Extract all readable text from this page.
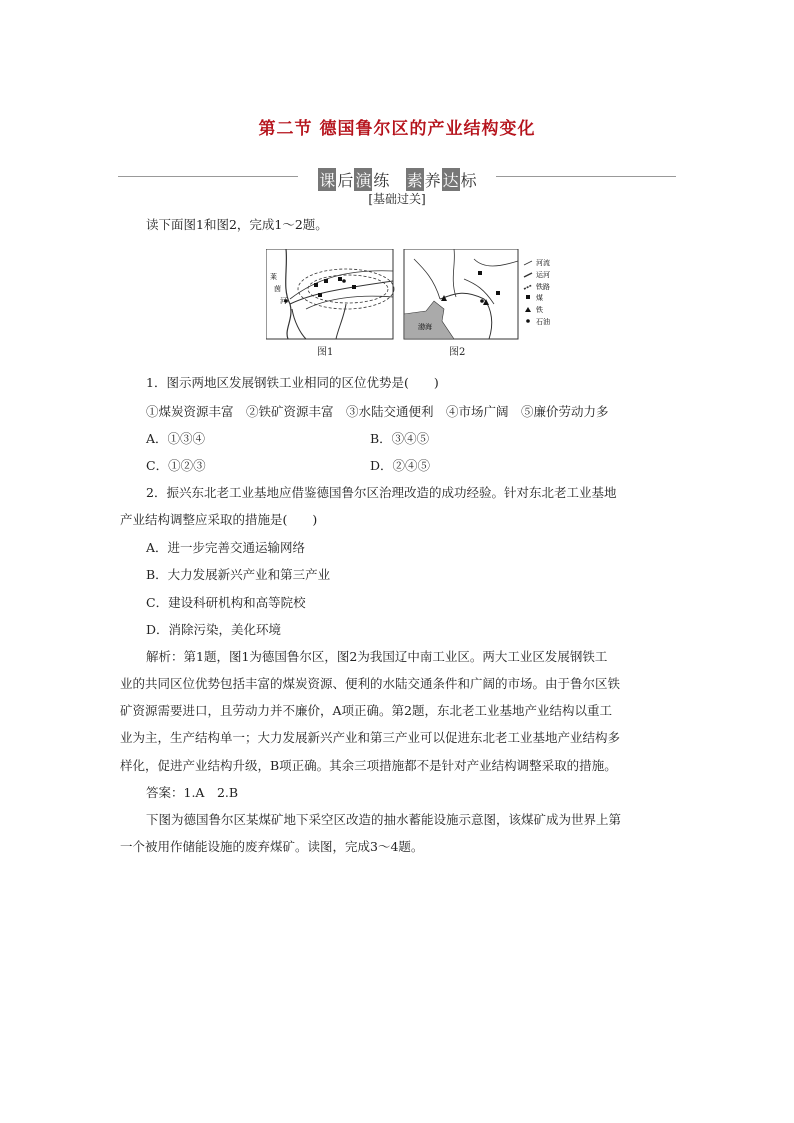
第二节 德国鲁尔区的产业结构变化
课 后 演 练 素 养 达 标
[基础过关]
读下面图1和图2，完成1～2题。
莱
茵
河
渤海
河流
运河
铁路
煤
铁
石油
图1	图2
1．图示两地区发展钢铁工业相同的区位优势是(　　)
①煤炭资源丰富　②铁矿资源丰富　③水陆交通便利　④市场广阔　⑤廉价劳动力多
A．①③④	B．③④⑤
C．①②③	D．②④⑤
2．振兴东北老工业基地应借鉴德国鲁尔区治理改造的成功经验。针对东北老工业基地
产业结构调整应采取的措施是(　　)
A．进一步完善交通运输网络
B．大力发展新兴产业和第三产业
C．建设科研机构和高等院校
D．消除污染，美化环境
解析：第1题，图1为德国鲁尔区，图2为我国辽中南工业区。两大工业区发展钢铁工
业的共同区位优势包括丰富的煤炭资源、便利的水陆交通条件和广阔的市场。由于鲁尔区铁
矿资源需要进口，且劳动力并不廉价，A项正确。第2题，东北老工业基地产业结构以重工
业为主，生产结构单一；大力发展新兴产业和第三产业可以促进东北老工业基地产业结构多
样化，促进产业结构升级，B项正确。其余三项措施都不是针对产业结构调整采取的措施。
答案：1.A　2.B
下图为德国鲁尔区某煤矿地下采空区改造的抽水蓄能设施示意图，该煤矿成为世界上第
一个被用作储能设施的废弃煤矿。读图，完成3～4题。
